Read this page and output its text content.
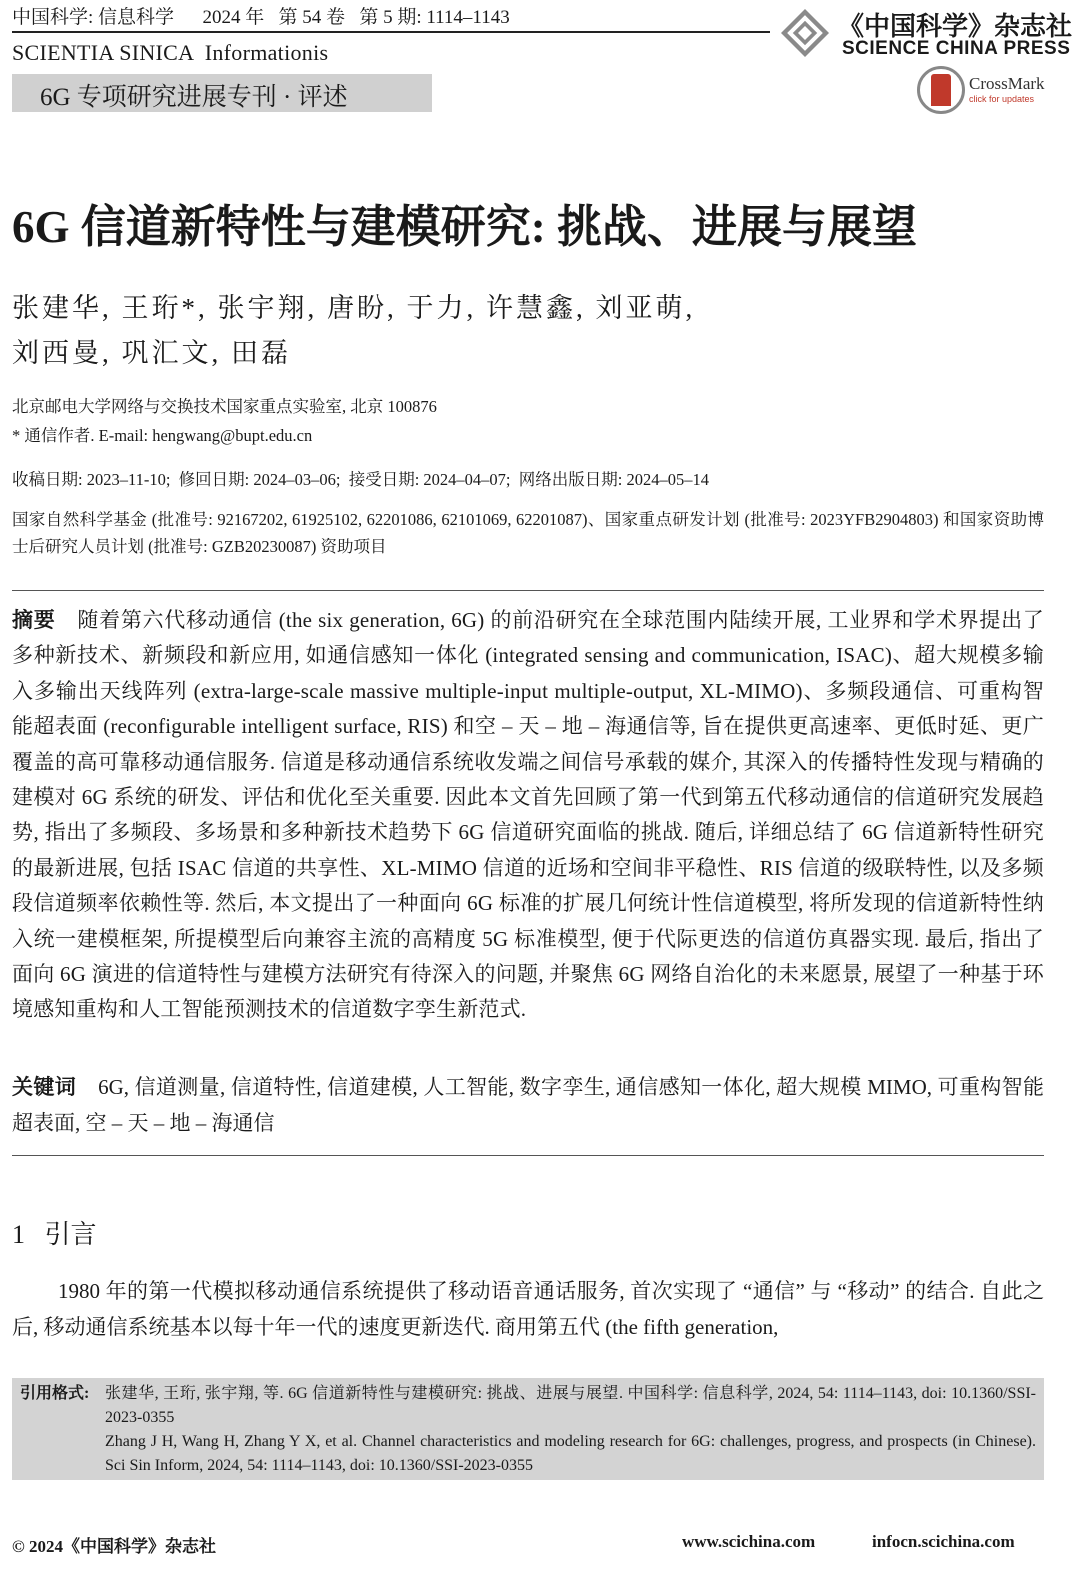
中国科学: 信息科学 2024 年 第 54 卷 第 5 期: 1114–1143
SCIENTIA SINICA  Informationis
6G 专项研究进展专刊 · 评述
《中国科学》杂志社
SCIENCE CHINA PRESS
CrossMark
click for updates
6G 信道新特性与建模研究: 挑战、进展与展望
张建华, 王珩*, 张宇翔, 唐盼, 于力, 许慧鑫, 刘亚萌,
刘西曼, 巩汇文, 田磊
北京邮电大学网络与交换技术国家重点实验室, 北京 100876
* 通信作者. E-mail: hengwang@bupt.edu.cn
收稿日期: 2023–11-10;  修回日期: 2024–03–06;  接受日期: 2024–04–07;  网络出版日期: 2024–05–14
国家自然科学基金 (批准号: 92167202, 61925102, 62201086, 62101069, 62201087)、国家重点研发计划 (批准号: 2023YFB2904803) 和国家资助博士后研究人员计划 (批准号: GZB20230087) 资助项目
摘要 随着第六代移动通信 (the six generation, 6G) 的前沿研究在全球范围内陆续开展, 工业界和学术界提出了多种新技术、新频段和新应用, 如通信感知一体化 (integrated sensing and communication, ISAC)、超大规模多输入多输出天线阵列 (extra-large-scale massive multiple-input multiple-output, XL-MIMO)、多频段通信、可重构智能超表面 (reconfigurable intelligent surface, RIS) 和空 – 天 – 地 – 海通信等, 旨在提供更高速率、更低时延、更广覆盖的高可靠移动通信服务. 信道是移动通信系统收发端之间信号承载的媒介, 其深入的传播特性发现与精确的建模对 6G 系统的研发、评估和优化至关重要. 因此本文首先回顾了第一代到第五代移动通信的信道研究发展趋势, 指出了多频段、多场景和多种新技术趋势下 6G 信道研究面临的挑战. 随后, 详细总结了 6G 信道新特性研究的最新进展, 包括 ISAC 信道的共享性、XL-MIMO 信道的近场和空间非平稳性、RIS 信道的级联特性, 以及多频段信道频率依赖性等. 然后, 本文提出了一种面向 6G 标准的扩展几何统计性信道模型, 将所发现的信道新特性纳入统一建模框架, 所提模型后向兼容主流的高精度 5G 标准模型, 便于代际更迭的信道仿真器实现. 最后, 指出了面向 6G 演进的信道特性与建模方法研究有待深入的问题, 并聚焦 6G 网络自治化的未来愿景, 展望了一种基于环境感知重构和人工智能预测技术的信道数字孪生新范式.
关键词 6G, 信道测量, 信道特性, 信道建模, 人工智能, 数字孪生, 通信感知一体化, 超大规模 MIMO, 可重构智能超表面, 空 – 天 – 地 – 海通信
1 引言
1980 年的第一代模拟移动通信系统提供了移动语音通话服务, 首次实现了 “通信” 与 “移动” 的结合. 自此之后, 移动通信系统基本以每十年一代的速度更新迭代. 商用第五代 (the fifth generation,
引用格式: 张建华, 王珩, 张宇翔, 等. 6G 信道新特性与建模研究: 挑战、进展与展望. 中国科学: 信息科学, 2024, 54: 1114–1143, doi: 10.1360/SSI-2023-0355
Zhang J H, Wang H, Zhang Y X, et al. Channel characteristics and modeling research for 6G: challenges, progress, and prospects (in Chinese). Sci Sin Inform, 2024, 54: 1114–1143, doi: 10.1360/SSI-2023-0355
© 2024《中国科学》杂志社	www.scichina.com	infocn.scichina.com
